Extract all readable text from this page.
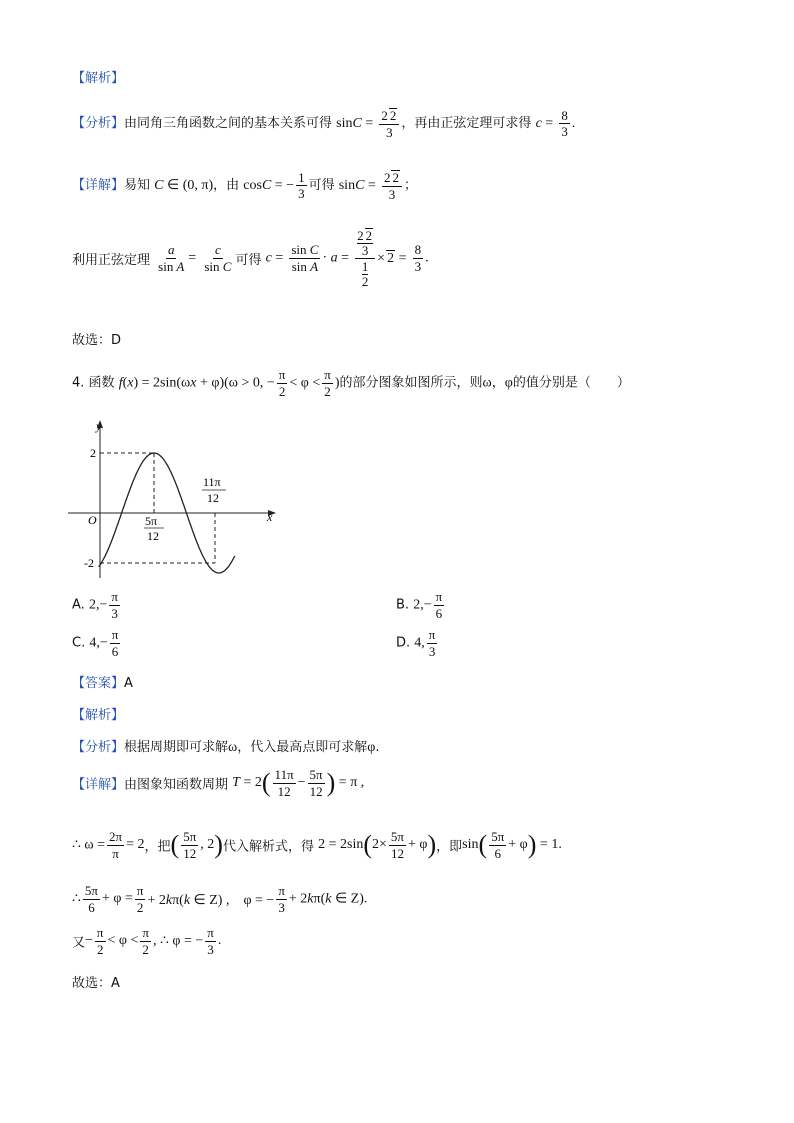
【解析】
【分析】由同角三角函数之间的基本关系可得 $\sin C = \frac{2 2}{3}$ ，再由正弦定理可求得 $c = \frac{8}{3}$ .
【详解】易知 C ∈ (0, π)，由 cosC = − $\frac{1}{3}$ 可得 $\sin C = \frac{2 2}{3}$ ；
利用正弦定理 $\frac{a}{\text{sin A}} = \frac{c}{\text{sin C}}$ 可得 $c = \frac{\text{sin C}}{\text{sin A}} \cdot a = 2$ 2
3
1
$2 \times 2 = \frac{8}{3}$ .
故选：D
4. 函数 f(x) = 2sin(ωx + φ)(ω > 0, − $\frac{\pi}{2} < \varphi < \frac{\pi}{2}$ )的部分图象如图所示，则ω，φ的值分别是（　　）
y
x
O
2
-2
5π
12
11π
12
A. $2,- \frac{\pi}{3}$	B. $2,- \frac{\pi}{6}$
C. $4,- \frac{\pi}{6}$	D. 4, $\frac{\pi}{3}$
【答案】A
【解析】
【分析】根据周期即可求解ω，代入最高点即可求解φ.
【详解】由图象知函数周期 $T = 2( \frac{11\pi}{12} - \frac{5\pi}{12}$ ) = π ,
∴ $\omega = \frac{2\pi}{\pi} = 2$，把( $\frac{5\pi}{12}$ , 2)代入解析式，得 $2 = 2\sin(2\times \frac{5\pi}{12} + \varphi)$，即$\sin( \frac{5\pi}{6} + \varphi) = 1$.
∴ $\frac{5\pi}{6} + \varphi = \frac{\pi}{2} + 2k\pi(k$ ∈ Z) ,　φ = − $\frac{\pi}{3} + 2k\pi(k$ ∈ Z).
又− $\frac{\pi}{2} < \varphi < \frac{\pi}{2}$ , ∴ φ = − $\frac{\pi}{3}$ .
故选：A
